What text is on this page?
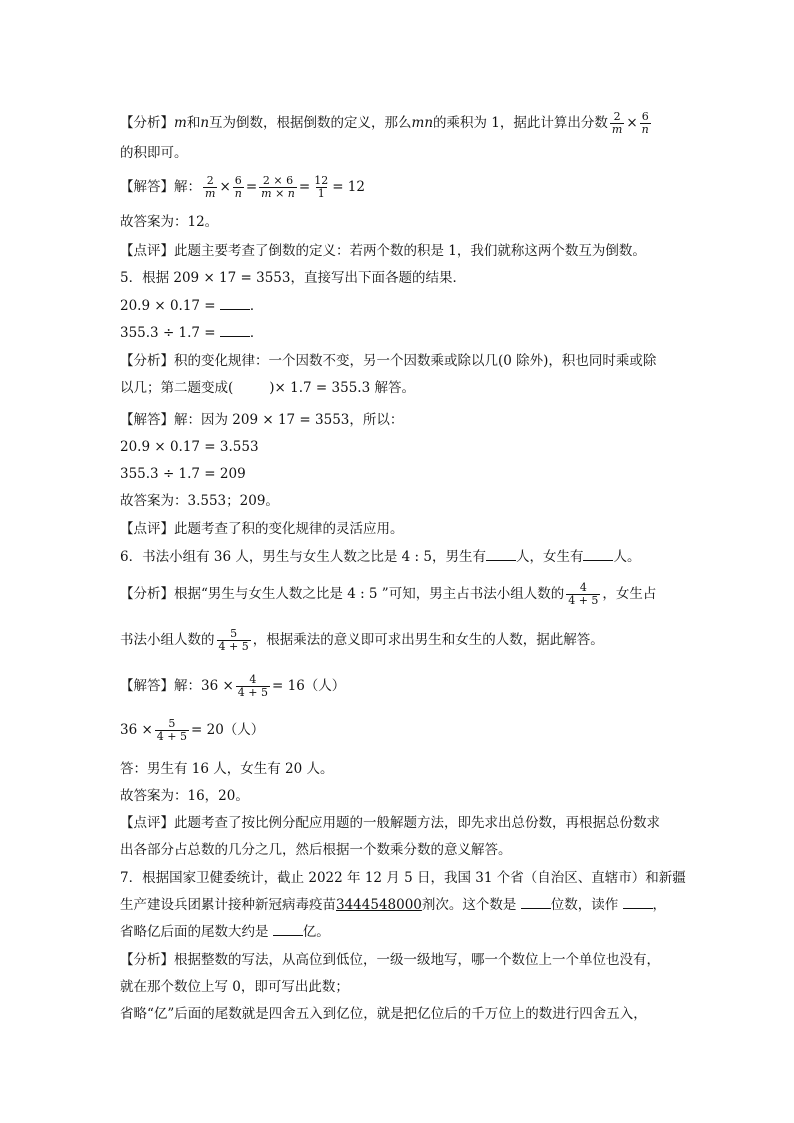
【分析】m和n互为倒数，根据倒数的定义，那么mn的乘积为 1，据此计算出分数 $\frac{2}{m} \times \frac{6}{n}$
的积即可。
【解答】解： $\frac{2}{m} \times \frac{6}{n} = \frac{2 \times 6}{m \times n} = \frac{12}{1} = 12$
故答案为：12。
【点评】此题主要考查了倒数的定义：若两个数的积是 1，我们就称这两个数互为倒数。
5．根据 209 × 17 = 3553，直接写出下面各题的结果．
20.9 × 0.17 =	．
355.3 ÷ 1.7 =	．
【分析】积的变化规律：一个因数不变，另一个因数乘或除以几(0 除外)，积也同时乘或除
以几；第二题变成(	)× 1.7 = 355.3 解答。
【解答】解：因为 209 × 17 = 3553，所以：
20.9 × 0.17 = 3.553
355.3 ÷ 1.7 = 209
故答案为：3.553；209。
【点评】此题考查了积的变化规律的灵活应用。
6．书法小组有 36 人，男生与女生人数之比是 4 : 5，男生有 人，女生有 人。
【分析】根据“男生与女生人数之比是 4 : 5 ”可知，男主占书法小组人数的 $\frac{4}{4 + 5}$ ，女生占
书法小组人数的 $\frac{5}{4 + 5}$ ，根据乘法的意义即可求出男生和女生的人数，据此解答。
【解答】解：$36 \times \frac{4}{4 + 5} = 16$（人）
$36 \times \frac{5}{4 + 5} = 20$（人）
答：男生有 16 人，女生有 20 人。
故答案为：16，20。
【点评】此题考查了按比例分配应用题的一般解题方法，即先求出总份数，再根据总份数求
出各部分占总数的几分之几，然后根据一个数乘分数的意义解答。
7．根据国家卫健委统计，截止 2022 年 12 月 5 日，我国 31 个省（自治区、直辖市）和新疆
生产建设兵团累计接种新冠病毒疫苗3444548000剂次。这个数是	位数，读作	，
省略亿后面的尾数大约是	亿。
【分析】根据整数的写法，从高位到低位，一级一级地写，哪一个数位上一个单位也没有，
就在那个数位上写 0，即可写出此数；
省略“亿”后面的尾数就是四舍五入到亿位，就是把亿位后的千万位上的数进行四舍五入，
